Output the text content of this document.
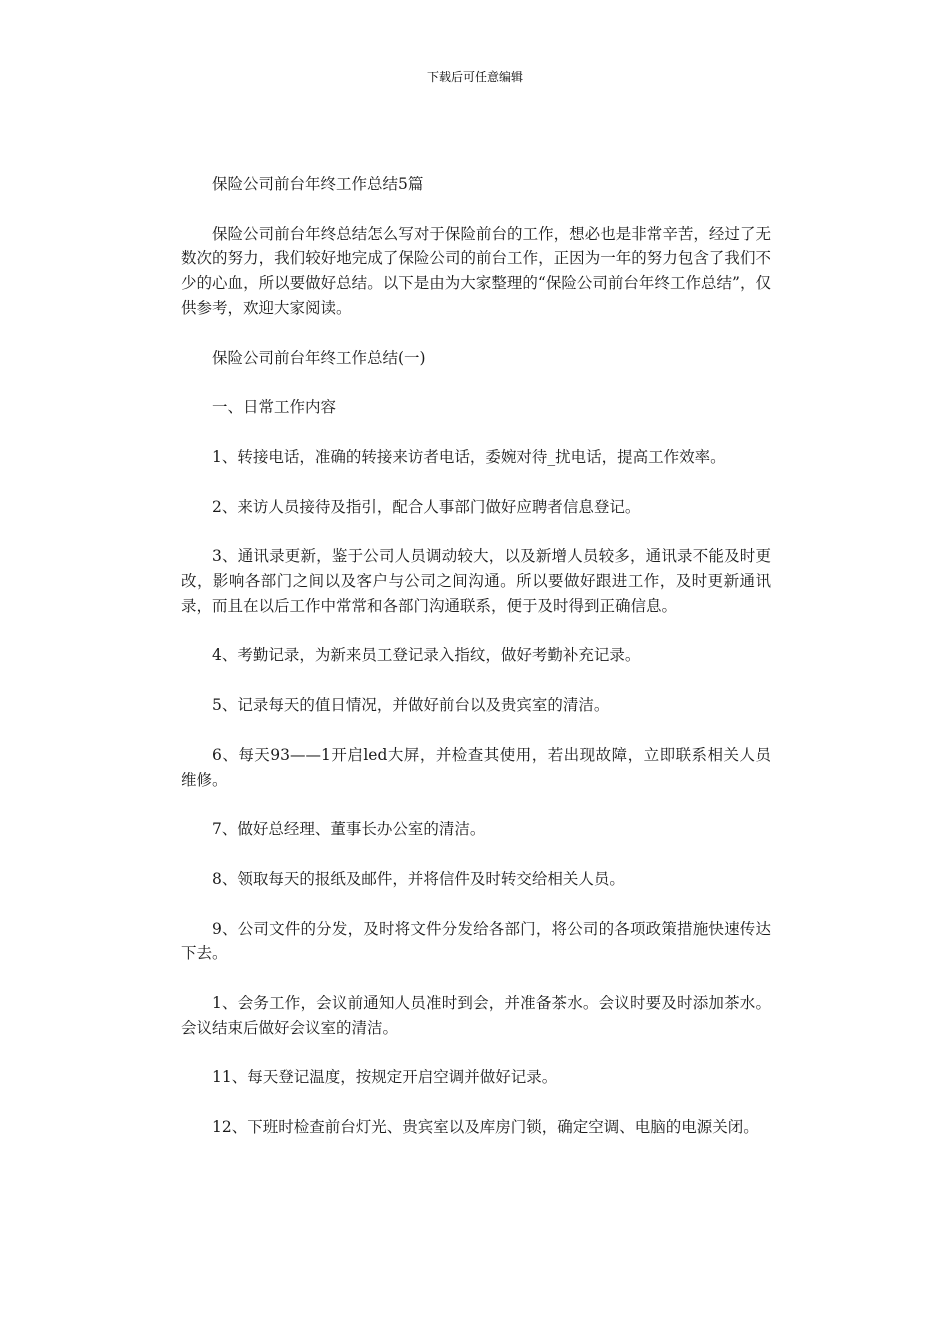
下载后可任意编辑

保险公司前台年终工作总结5篇

保险公司前台年终总结怎么写对于保险前台的工作，想必也是非常辛苦，经过了无数次的努力，我们较好地完成了保险公司的前台工作，正因为一年的努力包含了我们不少的心血，所以要做好总结。以下是由为大家整理的“保险公司前台年终工作总结”，仅供参考，欢迎大家阅读。

保险公司前台年终工作总结(一)

一、日常工作内容

1、转接电话，准确的转接来访者电话，委婉对待_扰电话，提高工作效率。

2、来访人员接待及指引，配合人事部门做好应聘者信息登记。

3、通讯录更新，鉴于公司人员调动较大，以及新增人员较多，通讯录不能及时更改，影响各部门之间以及客户与公司之间沟通。所以要做好跟进工作，及时更新通讯录，而且在以后工作中常常和各部门沟通联系，便于及时得到正确信息。

4、考勤记录，为新来员工登记录入指纹，做好考勤补充记录。

5、记录每天的值日情况，并做好前台以及贵宾室的清洁。

6、每天93——1开启led大屏，并检查其使用，若出现故障，立即联系相关人员维修。

7、做好总经理、董事长办公室的清洁。

8、领取每天的报纸及邮件，并将信件及时转交给相关人员。

9、公司文件的分发，及时将文件分发给各部门，将公司的各项政策措施快速传达下去。

1、会务工作，会议前通知人员准时到会，并准备茶水。会议时要及时添加茶水。会议结束后做好会议室的清洁。

11、每天登记温度，按规定开启空调并做好记录。

12、下班时检查前台灯光、贵宾室以及库房门锁，确定空调、电脑的电源关闭。
